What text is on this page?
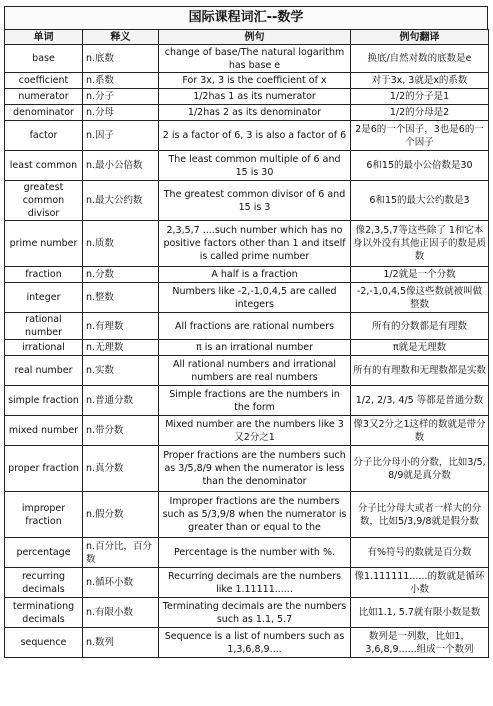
国际课程词汇--数学
单词	释义	例句	例句翻译
base	n.底数	change of base/The natural logarithm has base e	换底/自然对数的底数是e
coefficient	n.系数	For 3x, 3 is the coefficient of x	对于3x, 3就是x的系数
numerator	n.分子	1/2has 1 as its numerator	1/2的分子是1
denominator	n.分母	1/2has 2 as its denominator	1/2的分母是2
factor	n.因子	2 is a factor of 6, 3 is also a factor of 6	2是6的一个因子，3也是6的一个因子
least common	n.最小公倍数	The least common multiple of 6 and 15 is 30	6和15的最小公倍数是30
greatest common divisor	n.最大公约数	The greatest common divisor of 6 and 15 is 3	6和15的最大公约数是3
prime number	n.质数	2,3,5,7 ....such number which has no positive factors other than 1 and itself is called prime number	像2,3,5,7等这些除了 1和它本身以外没有其他正因子的数是质数
fraction	n.分数	A half is a fraction	1/2就是一个分数
integer	n.整数	Numbers like -2,-1,0,4,5 are called integers	-2,-1,0,4,5像这些数就被叫做整数
rational number	n.有理数	All fractions are rational numbers	所有的分数都是有理数
irrational	n.无理数	π is an irrational number	π就是无理数
real number	n.实数	All rational numbers and irrational numbers are real numbers	所有的有理数和无理数都是实数
simple fraction	n.普通分数	Simple fractions are the numbers in the form	1/2, 2/3, 4/5 等都是普通分数
mixed number	n.带分数	Mixed number are the numbers like 3又2分之1	像3又2分之1这样的数就是带分数
proper fraction	n.真分数	Proper fractions are the numbers such as 3/5,8/9 when the numerator is less than the denominator	分子比分母小的分数，比如3/5, 8/9就是真分数
improper fraction	n.假分数	Improper fractions are the numbers such as 5/3,9/8 when the numerator is greater than or equal to the	分子比分母大或者一样大的分数，比如5/3,9/8就是假分数
percentage	n.百分比，百分数	Percentage is the number with %.	有%符号的数就是百分数
recurring decimals	n.循环小数	Recurring decimals are the numbers like 1.11111......	像1.111111......的数就是循环小数
terminationg decimals	n.有限小数	Terminating decimals are the numbers such as 1.1, 5.7	比如1.1, 5.7就有限小数是数
sequence	n.数列	Sequence is a list of numbers such as 1,3,6,8,9....	数列是一列数，比如1，3,6,8,9......组成一个数列
